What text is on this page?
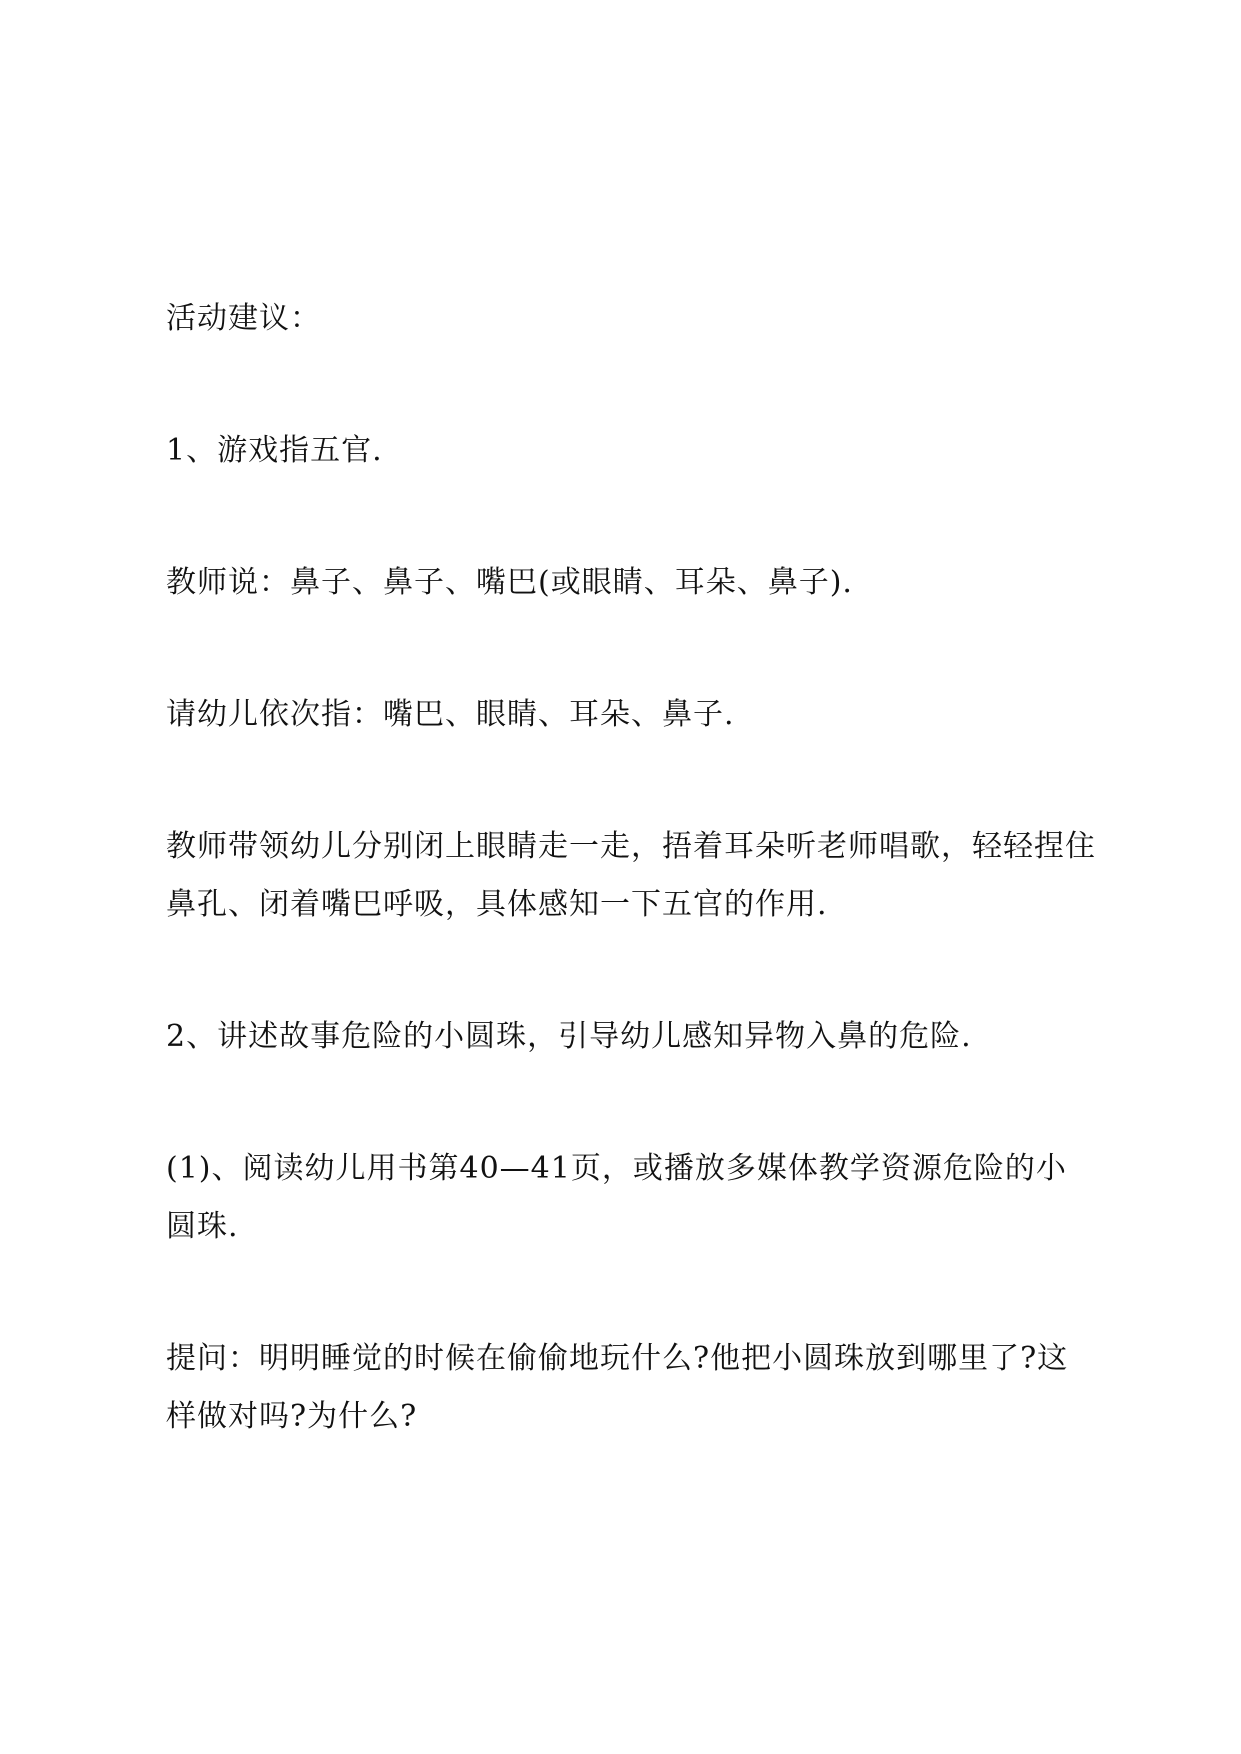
活动建议：

1、游戏指五官.

教师说：鼻子、鼻子、嘴巴(或眼睛、耳朵、鼻子).

请幼儿依次指：嘴巴、眼睛、耳朵、鼻子.

教师带领幼儿分别闭上眼睛走一走，捂着耳朵听老师唱歌，轻轻捏住鼻孔、闭着嘴巴呼吸，具体感知一下五官的作用.

2、讲述故事危险的小圆珠，引导幼儿感知异物入鼻的危险.

(1)、阅读幼儿用书第40—41页，或播放多媒体教学资源危险的小圆珠.

提问：明明睡觉的时候在偷偷地玩什么?他把小圆珠放到哪里了?这样做对吗?为什么?
